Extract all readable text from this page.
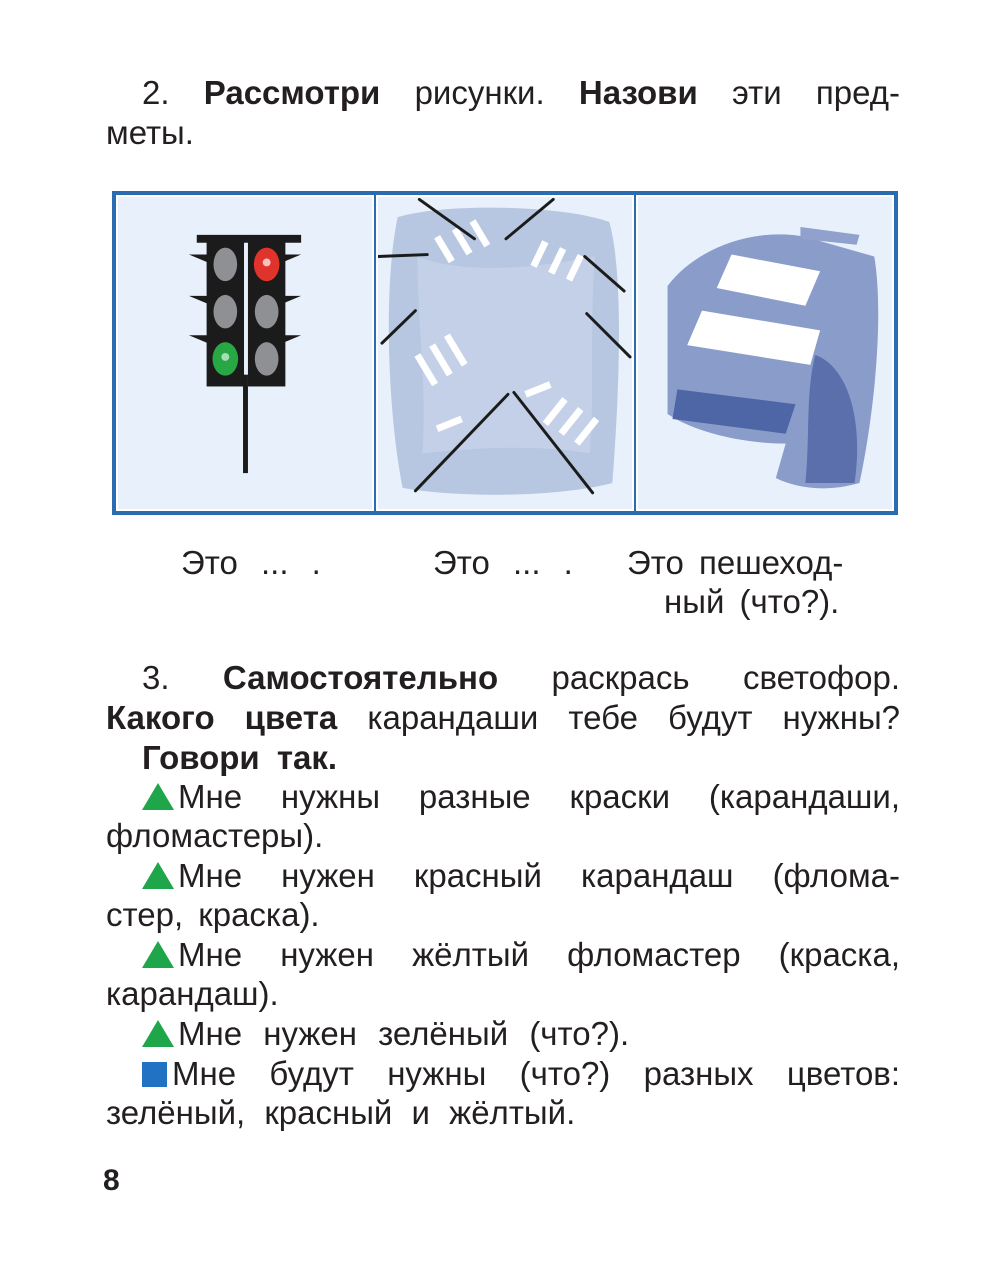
2. Рассмотри рисунки. Назови эти пред-
меты.
Это ... .	Это ... . Это пешеход-
ный (что?).
3. Самостоятельно раскрась светофор.
Какого цвета карандаши тебе будут нужны?
Говори так.
Мне нужны разные краски (карандаши,
фломастеры).
Мне нужен красный карандаш (флома-
стер, краска).
Мне нужен жёлтый фломастер (краска,
карандаш).
Мне нужен зелёный (что?).
Мне будут нужны (что?) разных цветов:
зелёный, красный и жёлтый.
8
